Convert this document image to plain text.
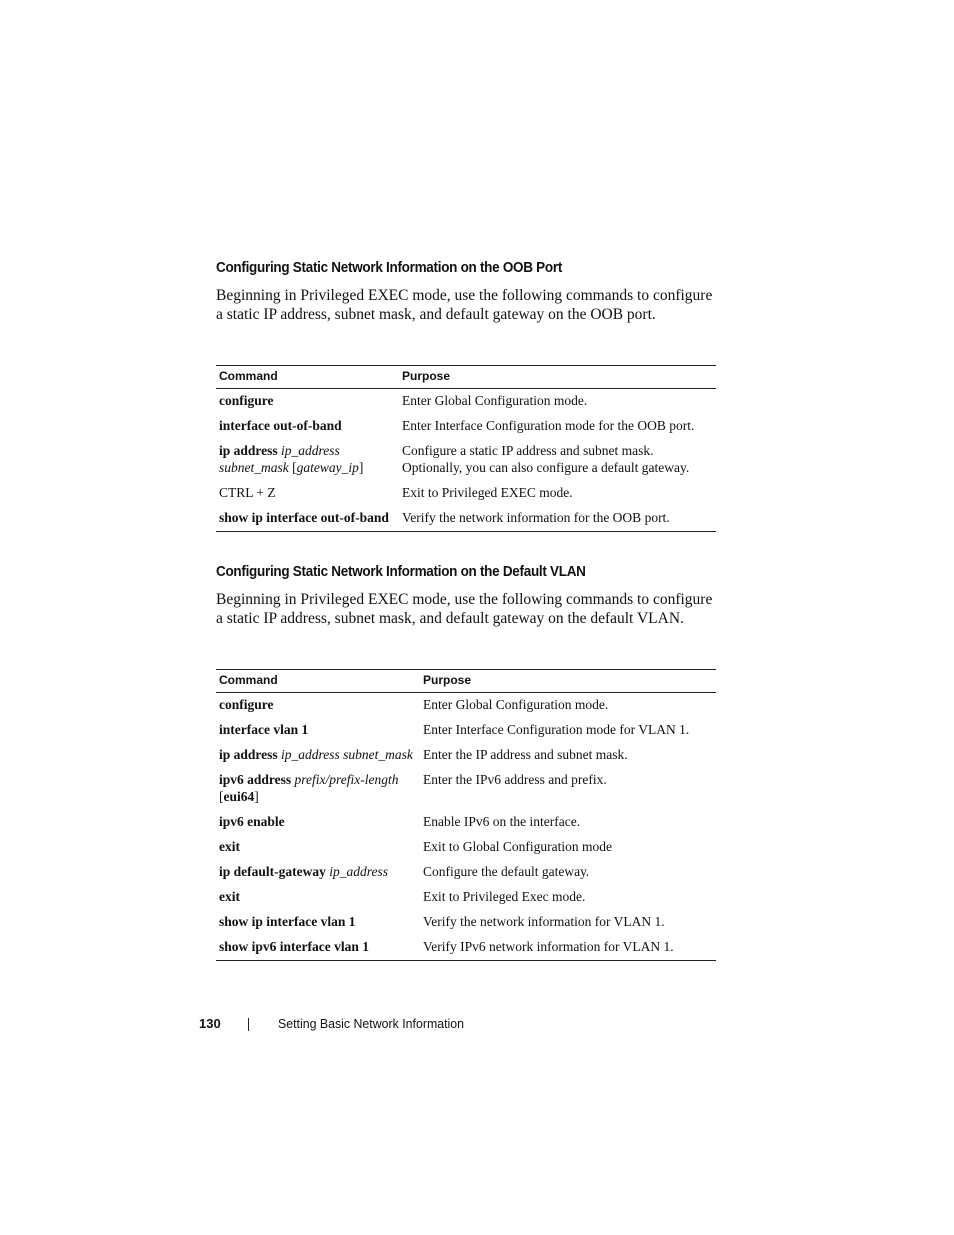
Configuring Static Network Information on the OOB Port
Beginning in Privileged EXEC mode, use the following commands to configure a static IP address, subnet mask, and default gateway on the OOB port.
Command	Purpose
configure	Enter Global Configuration mode.
interface out-of-band	Enter Interface Configuration mode for the OOB port.
ip address ip_address subnet_mask [gateway_ip]	Configure a static IP address and subnet mask. Optionally, you can also configure a default gateway.
CTRL + Z	Exit to Privileged EXEC mode.
show ip interface out-of-band	Verify the network information for the OOB port.
Configuring Static Network Information on the Default VLAN
Beginning in Privileged EXEC mode, use the following commands to configure a static IP address, subnet mask, and default gateway on the default VLAN.
Command	Purpose
configure	Enter Global Configuration mode.
interface vlan 1	Enter Interface Configuration mode for VLAN 1.
ip address ip_address subnet_mask	Enter the IP address and subnet mask.
ipv6 address prefix/prefix-length [eui64]	Enter the IPv6 address and prefix.
ipv6 enable	Enable IPv6 on the interface.
exit	Exit to Global Configuration mode
ip default-gateway ip_address	Configure the default gateway.
exit	Exit to Privileged Exec mode.
show ip interface vlan 1	Verify the network information for VLAN 1.
show ipv6 interface vlan 1	Verify IPv6 network information for VLAN 1.
130	Setting Basic Network Information
